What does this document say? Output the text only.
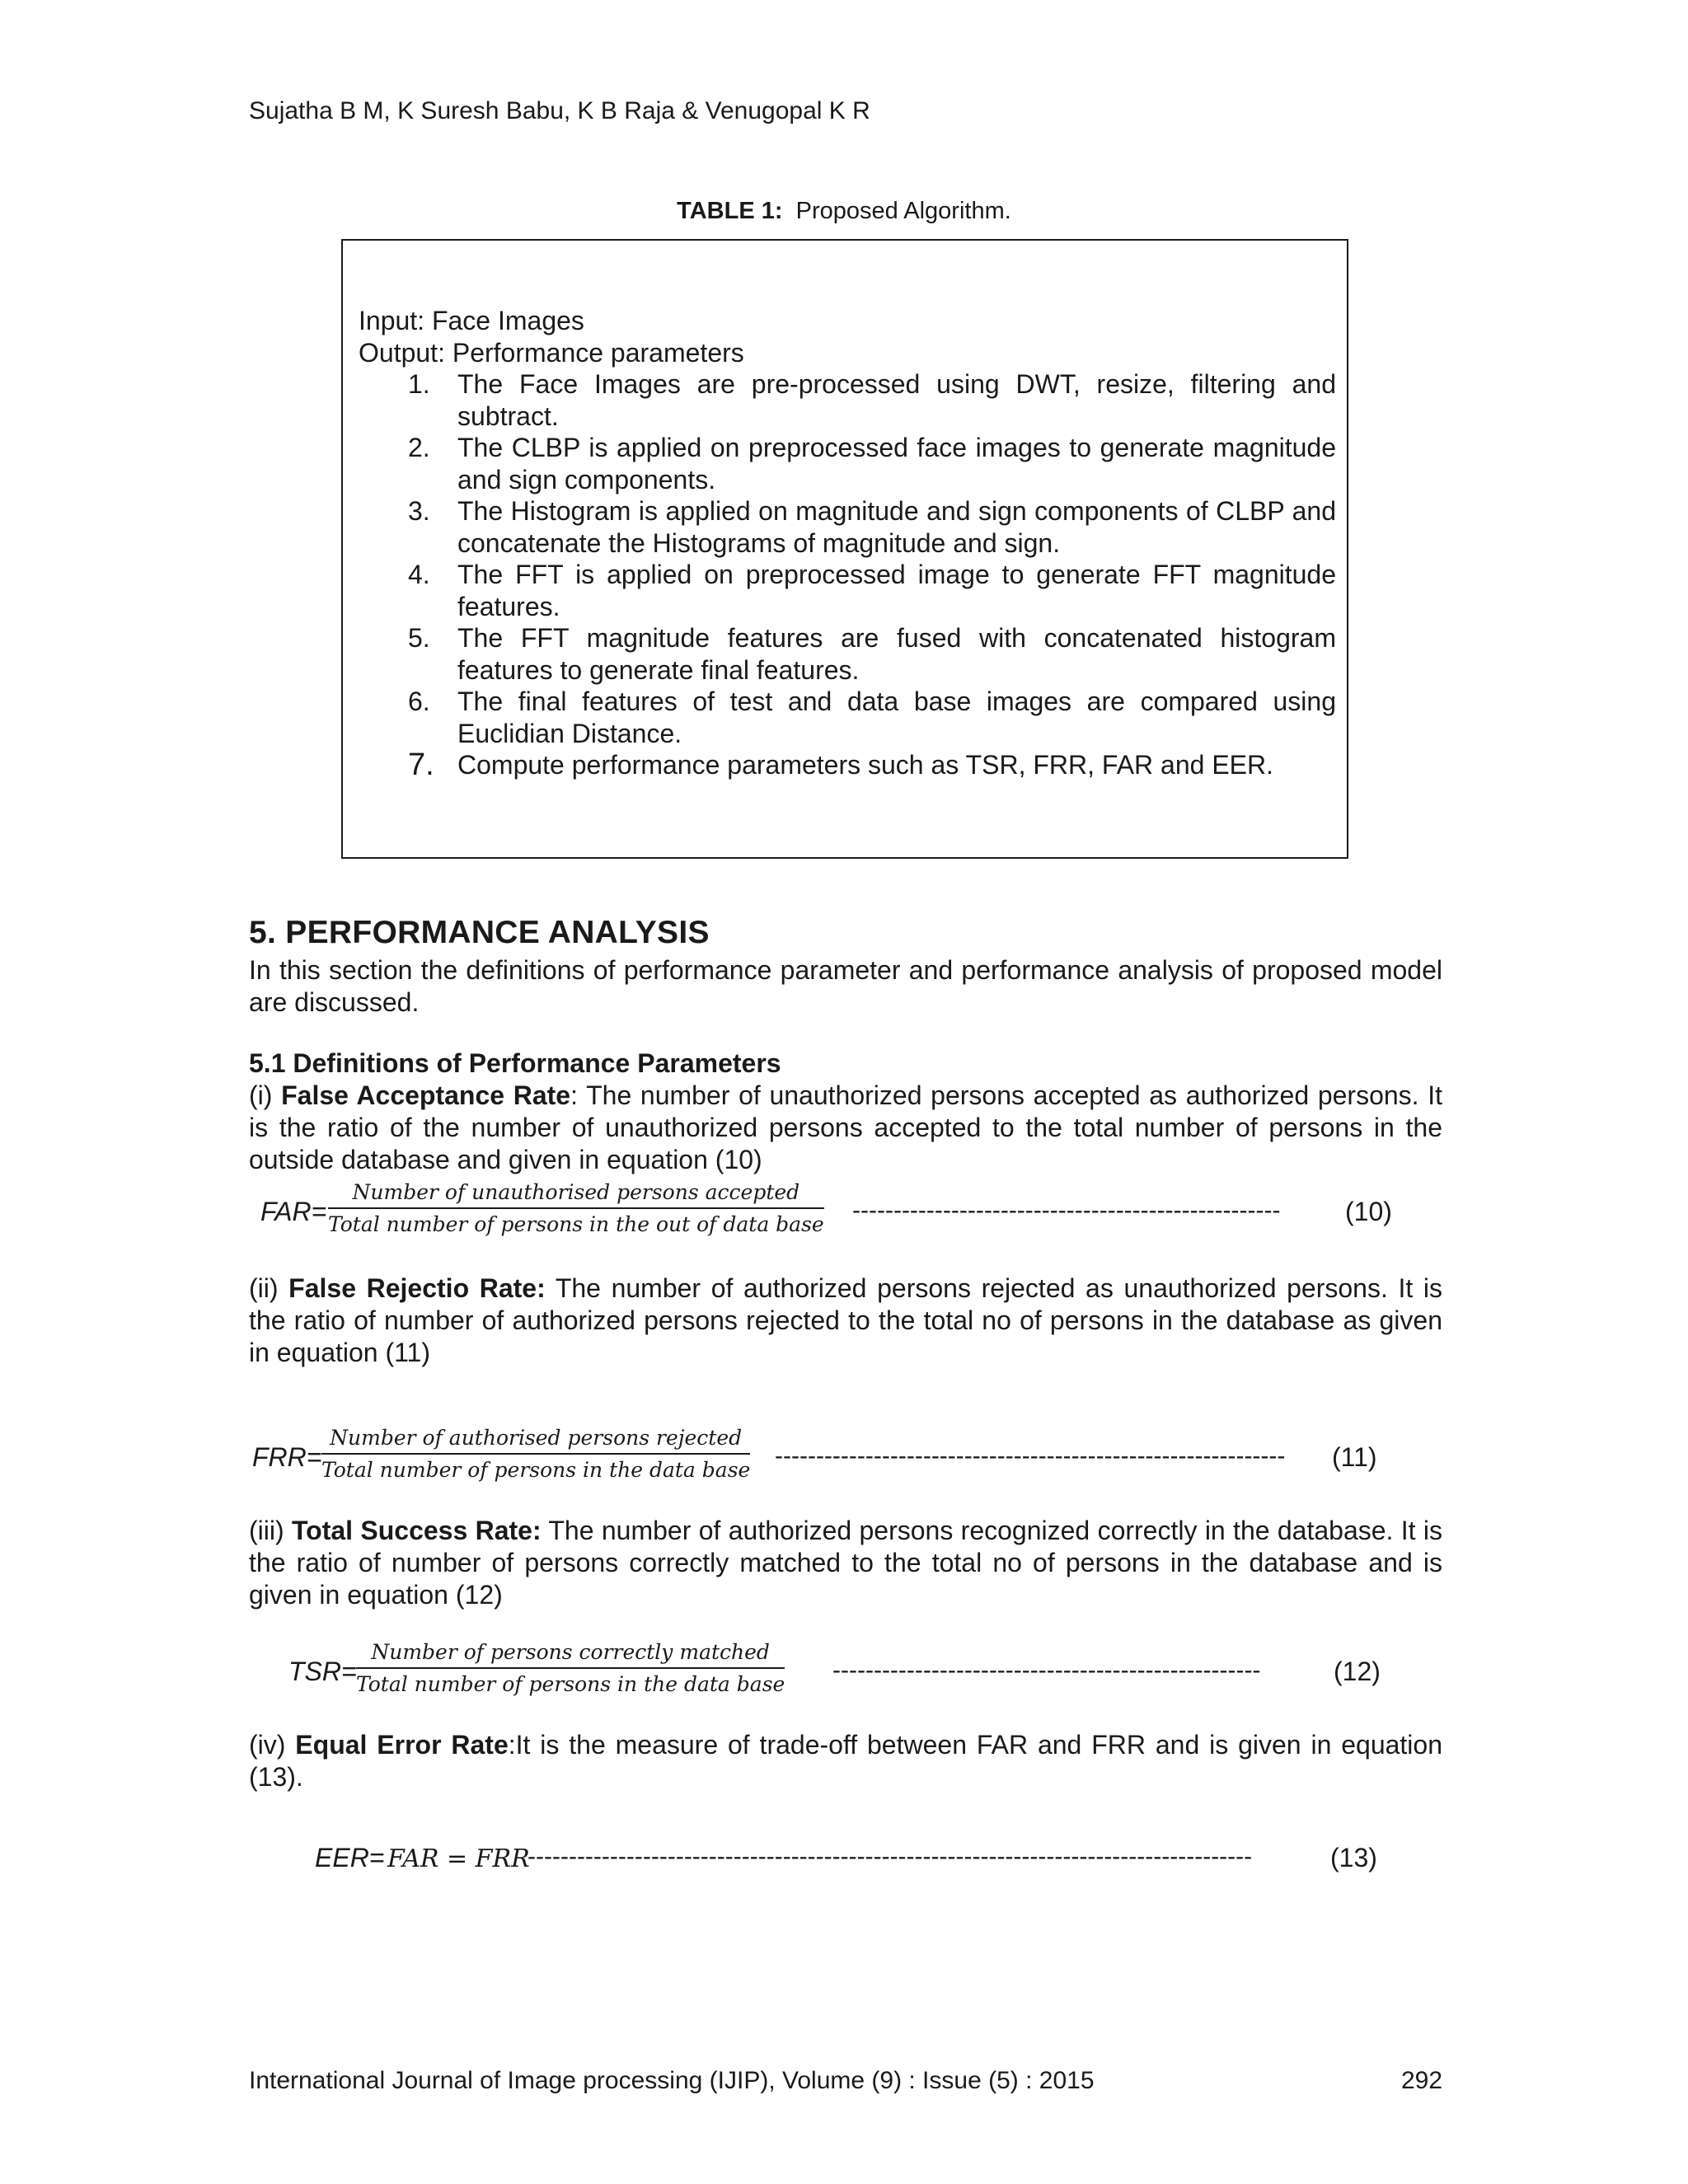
Sujatha B M, K Suresh Babu, K B Raja & Venugopal K R
TABLE 1: Proposed Algorithm.
Input: Face Images
Output: Performance parameters
1.	The Face Images are pre-processed using DWT, resize, filtering and subtract.
2.	The CLBP is applied on preprocessed face images to generate magnitude and sign components.
3.	The Histogram is applied on magnitude and sign components of CLBP and concatenate the Histograms of magnitude and sign.
4.	The FFT is applied on preprocessed image to generate FFT magnitude features.
5.	The FFT magnitude features are fused with concatenated histogram features to generate final features.
6.	The final features of test and data base images are compared using Euclidian Distance.
7. Compute performance parameters such as TSR, FRR, FAR and EER.
5. PERFORMANCE ANALYSIS
In this section the definitions of performance parameter and performance analysis of proposed model are discussed.
5.1 Definitions of Performance Parameters
(i) False Acceptance Rate: The number of unauthorized persons accepted as authorized persons. It is the ratio of the number of unauthorized persons accepted to the total number of persons in the outside database and given in equation (10)
FAR=
Number of unauthorised persons accepted
Total number of persons in the out of data base
----------------------------------------------------	(10)
(ii) False Rejectio Rate: The number of authorized persons rejected as unauthorized persons. It is the ratio of number of authorized persons rejected to the total no of persons in the database as given in equation (11)
FRR=
Number of authorised persons rejected
Total number of persons in the data base
--------------------------------------------------------------	(11)
(iii) Total Success Rate: The number of authorized persons recognized correctly in the database. It is the ratio of number of persons correctly matched to the total no of persons in the database and is given in equation (12)
TSR=
Number of persons correctly matched
Total number of persons in the data base
----------------------------------------------------	(12)
(iv) Equal Error Rate:It is the measure of trade-off between FAR and FRR and is given in equation (13).
EER= FAR = FRR
----------------------------------------------------------------------------------------	(13)
International Journal of Image processing (IJIP), Volume (9) : Issue (5) : 2015	292
